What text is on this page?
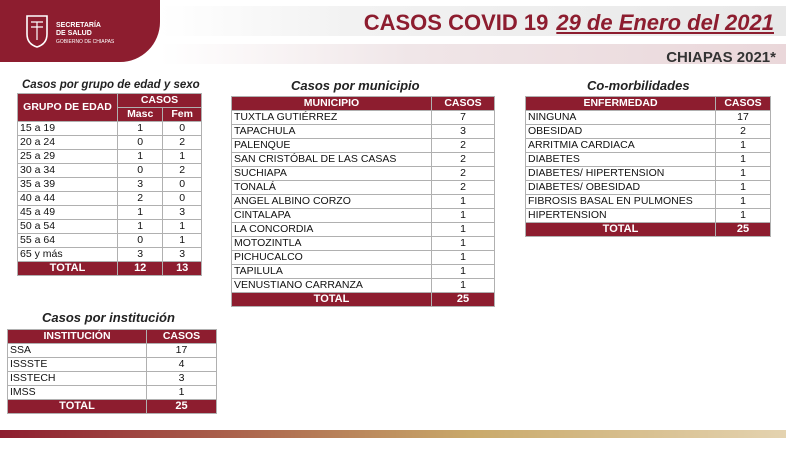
SECRETARÍA
DE SALUD
GOBIERNO DE CHIAPAS
CASOS COVID 19 29 de Enero del 2021
CHIAPAS 2021*
Casos por grupo de edad y sexo
GRUPO DE EDAD	CASOS	
	Masc	Fem
15 a 19	1	0
20 a 24	0	2
25 a 29	1	1
30 a 34	0	2
35 a 39	3	0
40 a 44	2	0
45 a 49	1	3
50 a 54	1	1
55 a 64	0	1
65 y más	3	3
TOTAL	12	13
Casos por institución
INSTITUCIÓN	CASOS
SSA	17
ISSSTE	4
ISSTECH	3
IMSS	1
TOTAL	25
Casos por municipio
MUNICIPIO	CASOS
TUXTLA GUTIÉRREZ	7
TAPACHULA	3
PALENQUE	2
SAN CRISTÓBAL DE LAS CASAS	2
SUCHIAPA	2
TONALÁ	2
ANGEL ALBINO CORZO	1
CINTALAPA	1
LA CONCORDIA	1
MOTOZINTLA	1
PICHUCALCO	1
TAPILULA	1
VENUSTIANO CARRANZA	1
TOTAL	25
Co-morbilidades
ENFERMEDAD	CASOS
NINGUNA	17
OBESIDAD	2
ARRITMIA CARDIACA	1
DIABETES	1
DIABETES/ HIPERTENSION	1
DIABETES/ OBESIDAD	1
FIBROSIS BASAL EN PULMONES	1
HIPERTENSION	1
TOTAL	25
